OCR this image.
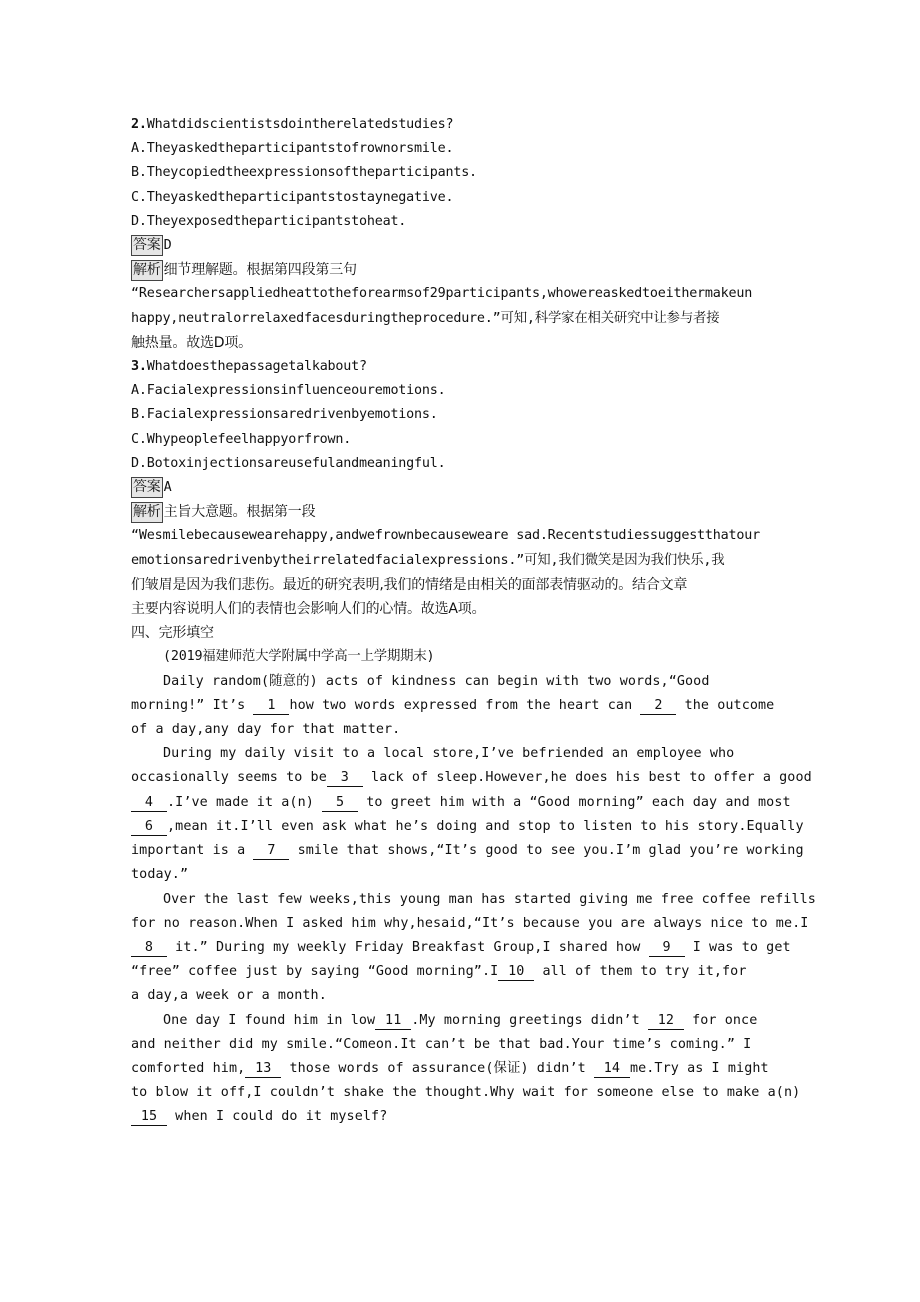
2.Whatdidscientistsdointherelatedstudies?
A.Theyaskedtheparticipantstofrownorsmile.
B.Theycopiedtheexpressionsoftheparticipants.
C.Theyaskedtheparticipantstostaynegative.
D.Theyexposedtheparticipantstoheat.
答案 D
解析 细节理解题。根据第四段第三句
“Researchersappliedheattotheforearmsof29participants,whowereaskedtoeithermakeun
happy,neutralorrelaxedfacesduringtheprocedure.”可知,科学家在相关研究中让参与者接
触热量。故选D项。
3.Whatdoesthepassagetalkabout?
A.Facialexpressionsinfluenceouremotions.
B.Facialexpressionsaredrivenbyemotions.
C.Whypeoplefeelhappyorfrown.
D.Botoxinjectionsareusefulandmeaningful.
答案 A
解析 主旨大意题。根据第一段
“Wesmilebecausewearehappy,andwefrownbecauseweare sad.Recentstudiessuggestthatour
emotionsaredrivenbytheirrelatedfacialexpressions.”可知,我们微笑是因为我们快乐,我
们皱眉是因为我们悲伤。最近的研究表明,我们的情绪是由相关的面部表情驱动的。结合文章
主要内容说明人们的表情也会影响人们的心情。故选A项。
四、完形填空
(2019福建师范大学附属中学高一上学期期末)
Daily random(随意的) acts of kindness can begin with two words,“Good
morning!” It’s 1 how two words expressed from the heart can 2 the outcome
of a day,any day for that matter.
During my daily visit to a local store,I’ve befriended an employee who
occasionally seems to be 3 lack of sleep.However,he does his best to offer a good
4 .I’ve made it a(n) 5 to greet him with a “Good morning” each day and most
6 ,mean it.I’ll even ask what he’s doing and stop to listen to his story.Equally
important is a 7 smile that shows,“It’s good to see you.I’m glad you’re working
today.”
Over the last few weeks,this young man has started giving me free coffee refills
for no reason.When I asked him why,hesaid,“It’s because you are always nice to me.I
8 it.” During my weekly Friday Breakfast Group,I shared how 9 I was to get
“free” coffee just by saying “Good morning”.I 10 all of them to try it,for
a day,a week or a month.
One day I found him in low 11 .My morning greetings didn’t 12 for once
and neither did my smile.“Comeon.It can’t be that bad.Your time’s coming.” I
comforted him, 13 those words of assurance(保证) didn’t 14 me.Try as I might
to blow it off,I couldn’t shake the thought.Why wait for someone else to make a(n)
15 when I could do it myself?
